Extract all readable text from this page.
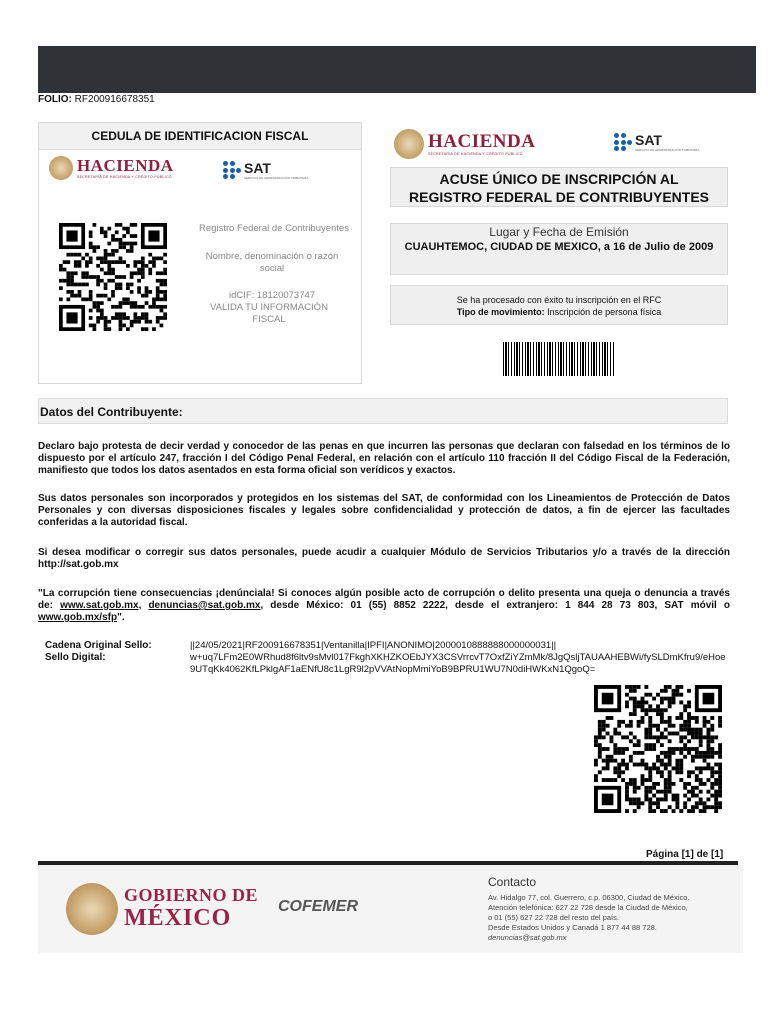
FOLIO: RF200916678351
CEDULA DE IDENTIFICACION FISCAL
HACIENDA
SECRETARÍA DE HACIENDA Y CRÉDITO PÚBLICO
SAT
SERVICIO DE ADMINISTRACIÓN TRIBUTARIA
Registro Federal de Contribuyentes
Nombre, denominación o razón social
idCIF: 18120073747
VALIDA TU INFORMACIÓN FISCAL
HACIENDA
SECRETARÍA DE HACIENDA Y CRÉDITO PÚBLICO
SAT
SERVICIO DE ADMINISTRACIÓN TRIBUTARIA
ACUSE ÚNICO DE INSCRIPCIÓN AL
REGISTRO FEDERAL DE CONTRIBUYENTES
Lugar y Fecha de Emisión
CUAUHTEMOC, CIUDAD DE MEXICO, a 16 de Julio de 2009
Se ha procesado con éxito tu inscripción en el RFC
Tipo de movimiento: Inscripción de persona física
Datos del Contribuyente:
Declaro bajo protesta de decir verdad y conocedor de las penas en que incurren las personas que declaran con falsedad en los términos de lo dispuesto por el artículo 247, fracción I del Código Penal Federal, en relación con el artículo 110 fracción II del Código Fiscal de la Federación, manifiesto que todos los datos asentados en esta forma oficial son verídicos y exactos.
Sus datos personales son incorporados y protegidos en los sistemas del SAT, de conformidad con los Lineamientos de Protección de Datos Personales y con diversas disposiciones fiscales y legales sobre confidencialidad y protección de datos, a fin de ejercer las facultades conferidas a la autoridad fiscal.
Si desea modificar o corregir sus datos personales, puede acudir a cualquier Módulo de Servicios Tributarios y/o a través de la dirección http://sat.gob.mx
"La corrupción tiene consecuencias ¡denúnciala! Si conoces algún posible acto de corrupción o delito presenta una queja o denuncia a través de: www.sat.gob.mx, denuncias@sat.gob.mx, desde México: 01 (55) 8852 2222, desde el extranjero: 1 844 28 73 803, SAT móvil o www.gob.mx/sfp".
Cadena Original Sello:
Sello Digital:
||24/05/2021|RF200916678351|Ventanilla|IPFI|ANONIMO|2000010888888000000031||
w+uq7LFm2E0WRhud8f6ltv9sMvl017FkghXKHZKOEbJYX3CSVrrcvT7OxfZiYZmMk/8JgQsljTAUAAHEBWi/fySLDmKfru9/eHoe9UTqKk4062KfLPklgAF1aENfU8c1LgR9l2pVVAtNopMmiYoB9BPRU1WU7N0diHWKxN1QgoQ=
Página [1] de [1]
GOBIERNO DE
MÉXICO	COFEMER
Contacto
Av. Hidalgo 77, col. Guerrero, c.p. 06300, Ciudad de México.
Atención telefónica: 627 22 728 desde la Ciudad de México,
o 01 (55) 627 22 728 del resto del país.
Desde Estados Unidos y Canadá 1 877 44 88 728.
denuncias@sat.gob.mx
